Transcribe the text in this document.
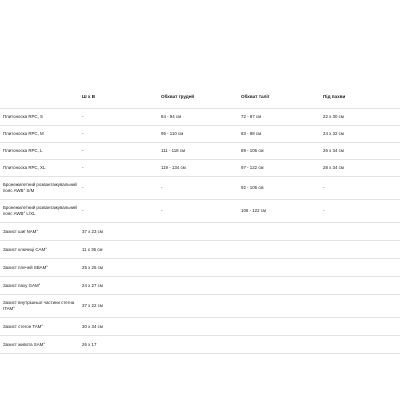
	Ш x В	Обхват грудей	Обхват талії	Під пахви
Плитоноска RPC, S	-	84 - 94 см	72 - 87 см	22 x 30 см
Плитоноска RPC, M	-	95 - 110 см	83 - 98 см	24 x 32 см
Плитоноска RPC, L	-	111 - 118 см	89 - 106 см	26 x 34 см
Плитоноска RPC, XL	-	119 - 134 см	97 - 122 см	28 x 34 см
Бронежилетний розвантажувальний пояс AWB° S/M	-	-	92 - 106 см	-
Бронежилетний розвантажувальний пояс AWB° L/XL	-	-	106 - 122 см	-
Захист шиї NAM°	37 x 23 см			
Захист ключиці CAM°	11 x 36 см			
Захист плечей SBAM°	25 x 25 см			
Захист паху GAM°	24 x 27 см			
Захист внутрішньої частини стегна ITAM°	37 x 22 см			
Захист стегон TAM°	30 x 34 см			
Захист живота SAM°	26 x 17			
